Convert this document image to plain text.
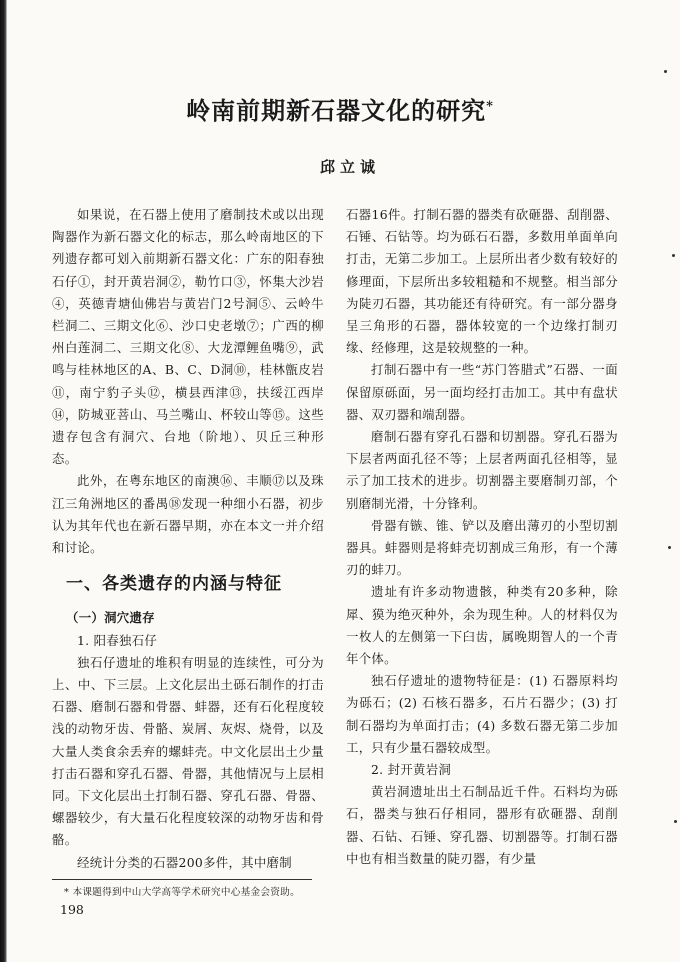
岭南前期新石器文化的研究*
邱立诚

如果说，在石器上使用了磨制技术或以出现陶器作为新石器文化的标志，那么岭南地区的下列遗存都可划入前期新石器文化：广东的阳春独石仔①，封开黄岩洞②，勒竹口③，怀集大沙岩④，英德青塘仙佛岩与黄岩门2号洞⑤、云岭牛栏洞二、三期文化⑥、沙口史老墩⑦；广西的柳州白莲洞二、三期文化⑧、大龙潭鲤鱼嘴⑨，武鸣与桂林地区的A、B、C、D洞⑩，桂林甑皮岩⑪，南宁豹子头⑫，横县西津⑬，扶绥江西岸⑭，防城亚菩山、马兰嘴山、杯较山等⑮。这些遗存包含有洞穴、台地（阶地）、贝丘三种形态。

此外，在粤东地区的南澳⑯、丰顺⑰以及珠江三角洲地区的番禺⑱发现一种细小石器，初步认为其年代也在新石器早期，亦在本文一并介绍和讨论。

一、各类遗存的内涵与特征
（一）洞穴遗存
1. 阳春独石仔

独石仔遗址的堆积有明显的连续性，可分为上、中、下三层。上文化层出土砾石制作的打击石器、磨制石器和骨器、蚌器，还有石化程度较浅的动物牙齿、骨骼、炭屑、灰烬、烧骨，以及大量人类食余丢弃的螺蚌壳。中文化层出土少量打击石器和穿孔石器、骨器，其他情况与上层相同。下文化层出土打制石器、穿孔石器、骨器、螺器较少，有大量石化程度较深的动物牙齿和骨骼。

经统计分类的石器200多件，其中磨制

石器16件。打制石器的器类有砍砸器、刮削器、石锤、石钻等。均为砾石石器，多数用单面单向打击，无第二步加工。上层所出者少数有较好的修理面，下层所出多较粗糙和不规整。相当部分为陡刃石器，其功能还有待研究。有一部分器身呈三角形的石器，器体较宽的一个边缘打制刃缘、经修理，这是较规整的一种。

打制石器中有一些“苏门答腊式”石器、一面保留原砾面，另一面均经打击加工。其中有盘状器、双刃器和端刮器。

磨制石器有穿孔石器和切割器。穿孔石器为下层者两面孔径不等；上层者两面孔径相等，显示了加工技术的进步。切割器主要磨制刃部，个别磨制光滑，十分锋利。

骨器有镞、锥、铲以及磨出薄刃的小型切割器具。蚌器则是将蚌壳切割成三角形，有一个薄刃的蚌刀。

遗址有许多动物遗骸，种类有20多种，除犀、獏为绝灭种外，余为现生种。人的材料仅为一枚人的左侧第一下臼齿，属晚期智人的一个青年个体。

独石仔遗址的遗物特征是：(1) 石器原料均为砾石；(2) 石核石器多，石片石器少；(3) 打制石器均为单面打击；(4) 多数石器无第二步加工，只有少量石器较成型。

2. 封开黄岩洞

黄岩洞遗址出土石制品近千件。石料均为砾石，器类与独石仔相同，器形有砍砸器、刮削器、石钻、石锤、穿孔器、切割器等。打制石器中也有相当数量的陡刃器，有少量

* 本课题得到中山大学高等学术研究中心基金会资助。
198
